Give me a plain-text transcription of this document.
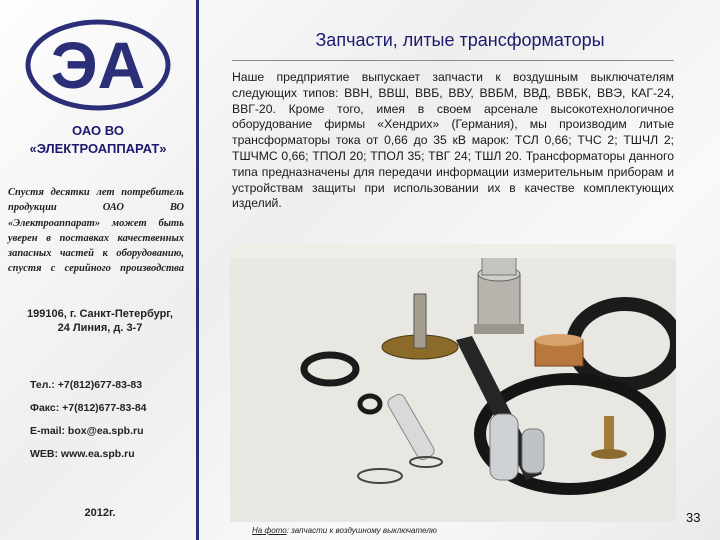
ЭА
ОАО ВО
«ЭЛЕКТРОАППАРАТ»
Спустя десятки лет потребитель продукции ОАО ВО «Электроаппарат» может быть уверен в поставках качественных запасных частей к оборудованию, спустя с серийного производства
199106, г. Санкт-Петербург,
24 Линия, д. 3-7
Тел.: +7(812)677-83-83
Факс: +7(812)677-83-84
E-mail: box@ea.spb.ru
WEB: www.ea.spb.ru
2012г.
Запчасти, литые трансформаторы
Наше предприятие выпускает запчасти к воздушным выключателям следующих типов: ВВН, ВВШ, ВВБ, ВВУ, ВВБМ, ВВД, ВВБК, ВВЭ, КАГ-24, ВВГ-20. Кроме того, имея в своем арсенале высокотехнологичное оборудование фирмы «Хендрих» (Германия), мы производим литые трансформаторы тока от 0,66 до 35 кВ марок: ТСЛ 0,66; ТЧС 2; ТШЧЛ 2; ТШЧМС 0,66; ТПОЛ 20; ТПОЛ 35; ТВГ 24; ТШЛ 20. Трансформаторы данного типа предназначены для передачи информации измерительным приборам и устройствам защиты при использовании их в качестве комплектующих изделий.
На фото: запчасти к воздушному выключателю
33
